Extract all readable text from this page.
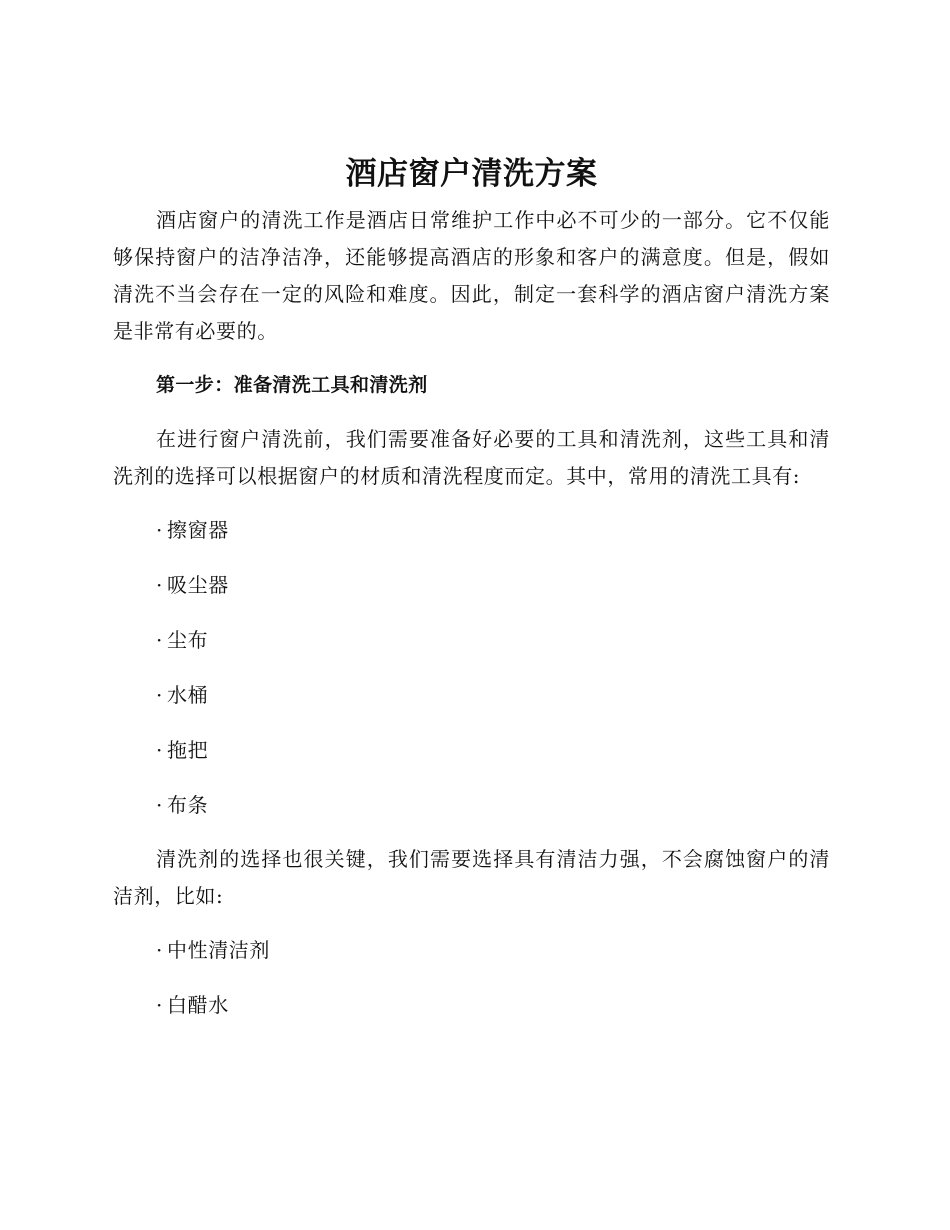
酒店窗户清洗方案

酒店窗户的清洗工作是酒店日常维护工作中必不可少的一部分。它不仅能够保持窗户的洁净洁净，还能够提高酒店的形象和客户的满意度。但是，假如清洗不当会存在一定的风险和难度。因此，制定一套科学的酒店窗户清洗方案是非常有必要的。

第一步：准备清洗工具和清洗剂

在进行窗户清洗前，我们需要准备好必要的工具和清洗剂，这些工具和清洗剂的选择可以根据窗户的材质和清洗程度而定。其中，常用的清洗工具有:

· 擦窗器
· 吸尘器
· 尘布
· 水桶
· 拖把
· 布条

清洗剂的选择也很关键，我们需要选择具有清洁力强，不会腐蚀窗户的清洁剂，比如:

· 中性清洁剂
· 白醋水
